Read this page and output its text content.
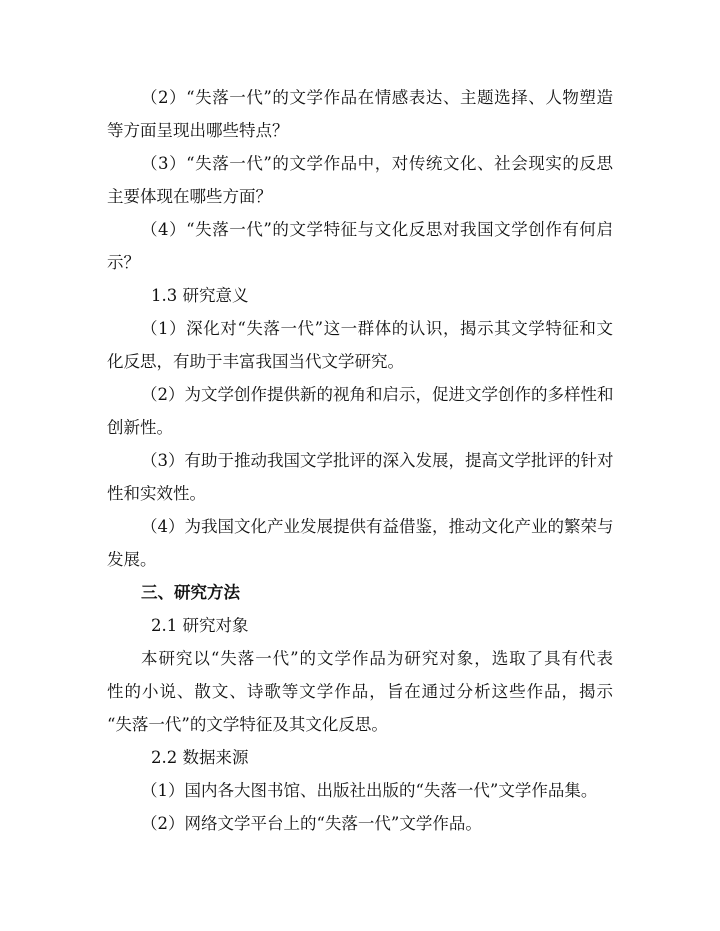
（2）“失落一代”的文学作品在情感表达、主题选择、人物塑造
等方面呈现出哪些特点？
（3）“失落一代”的文学作品中，对传统文化、社会现实的反思
主要体现在哪些方面？
（4）“失落一代”的文学特征与文化反思对我国文学创作有何启
示？
1.3 研究意义
（1）深化对“失落一代”这一群体的认识，揭示其文学特征和文
化反思，有助于丰富我国当代文学研究。
（2）为文学创作提供新的视角和启示，促进文学创作的多样性和
创新性。
（3）有助于推动我国文学批评的深入发展，提高文学批评的针对
性和实效性。
（4）为我国文化产业发展提供有益借鉴，推动文化产业的繁荣与
发展。
三、研究方法
2.1 研究对象
本研究以“失落一代”的文学作品为研究对象，选取了具有代表
性的小说、散文、诗歌等文学作品，旨在通过分析这些作品，揭示
“失落一代”的文学特征及其文化反思。
2.2 数据来源
（1）国内各大图书馆、出版社出版的“失落一代”文学作品集。
（2）网络文学平台上的“失落一代”文学作品。
